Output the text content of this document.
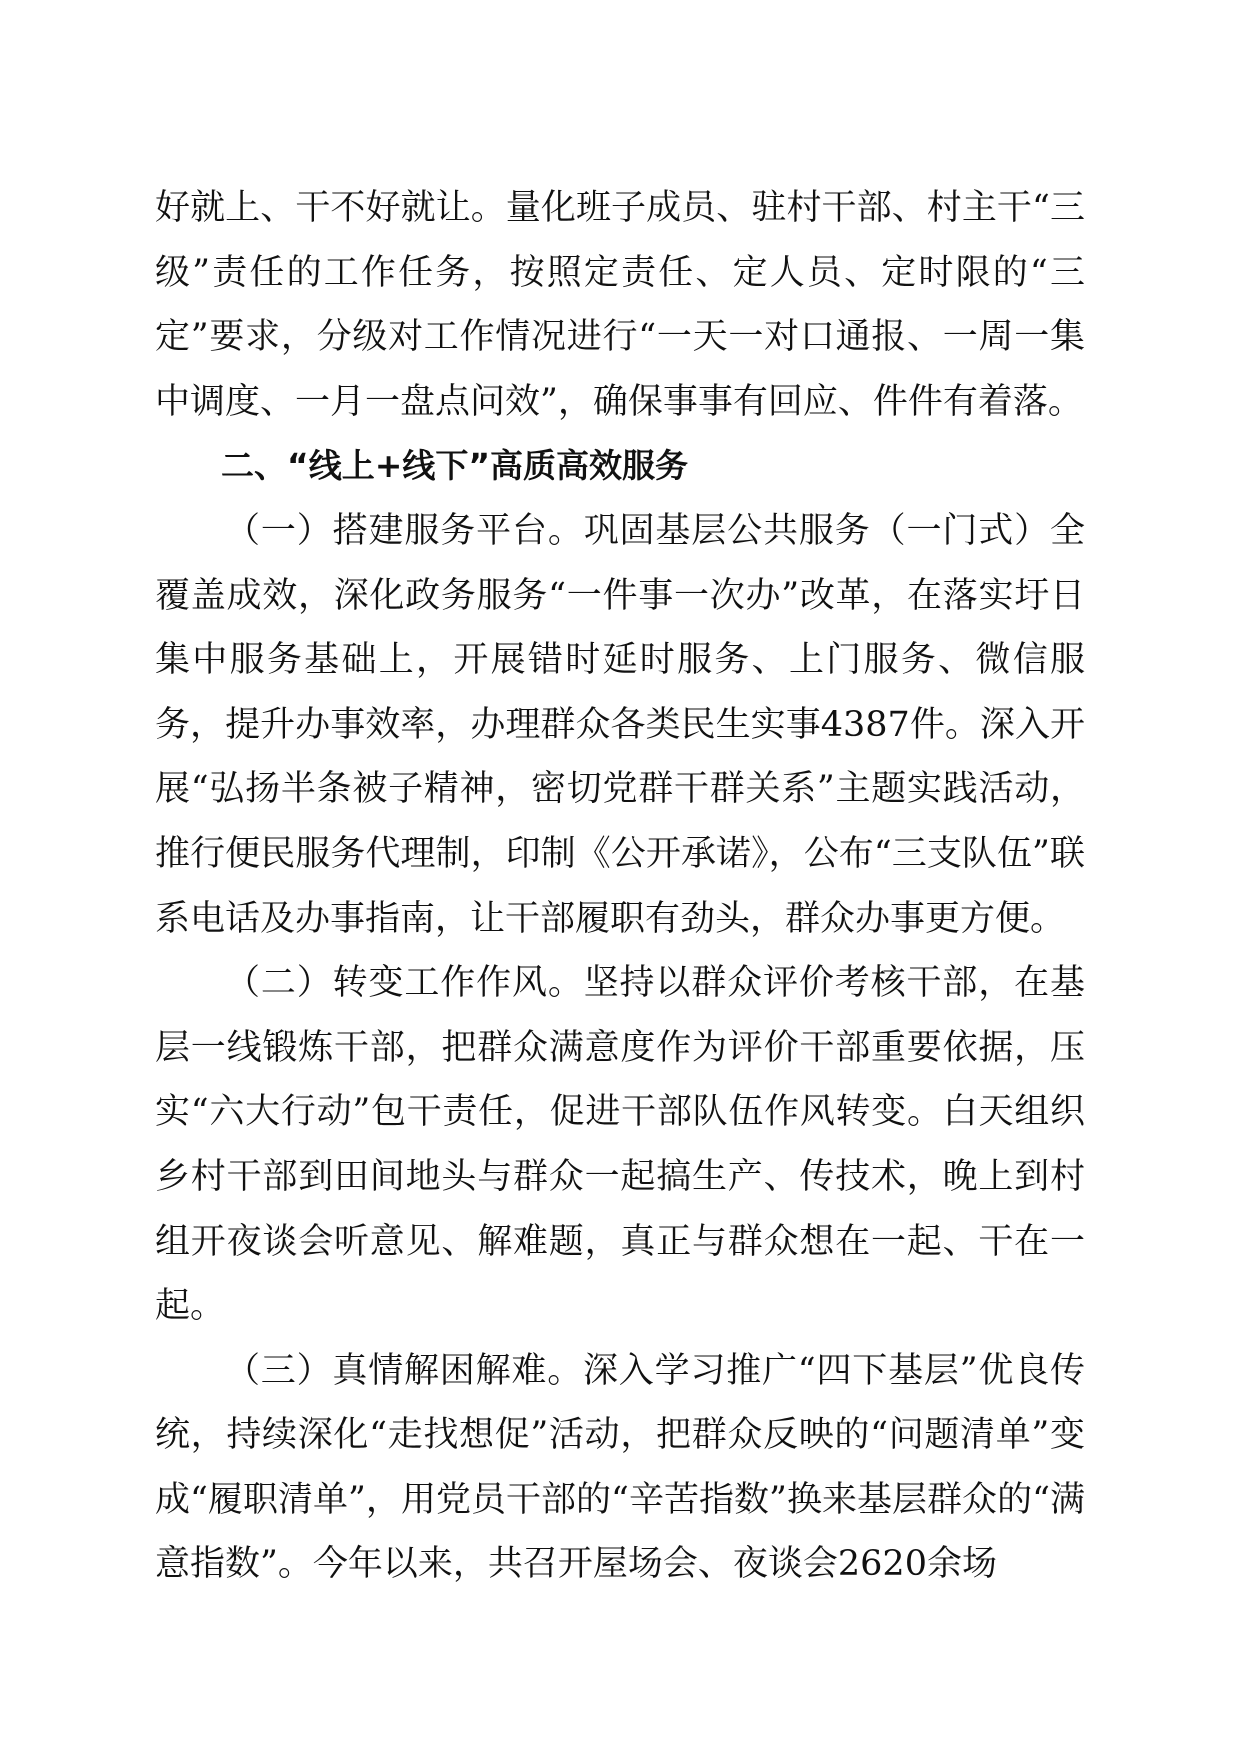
好就上、干不好就让。量化班子成员、驻村干部、村主干“三级”责任的工作任务，按照定责任、定人员、定时限的“三定”要求，分级对工作情况进行“一天一对口通报、一周一集中调度、一月一盘点问效”，确保事事有回应、件件有着落。

二、“线上+线下”高质高效服务

（一）搭建服务平台。巩固基层公共服务（一门式）全覆盖成效，深化政务服务“一件事一次办”改革，在落实圩日集中服务基础上，开展错时延时服务、上门服务、微信服务，提升办事效率，办理群众各类民生实事4387件。深入开展“弘扬半条被子精神，密切党群干群关系”主题实践活动，推行便民服务代理制，印制《公开承诺》，公布“三支队伍”联系电话及办事指南，让干部履职有劲头，群众办事更方便。

（二）转变工作作风。坚持以群众评价考核干部，在基层一线锻炼干部，把群众满意度作为评价干部重要依据，压实“六大行动”包干责任，促进干部队伍作风转变。白天组织乡村干部到田间地头与群众一起搞生产、传技术，晚上到村组开夜谈会听意见、解难题，真正与群众想在一起、干在一起。

（三）真情解困解难。深入学习推广“四下基层”优良传统，持续深化“走找想促”活动，把群众反映的“问题清单”变成“履职清单”，用党员干部的“辛苦指数”换来基层群众的“满意指数”。今年以来，共召开屋场会、夜谈会2620余场
